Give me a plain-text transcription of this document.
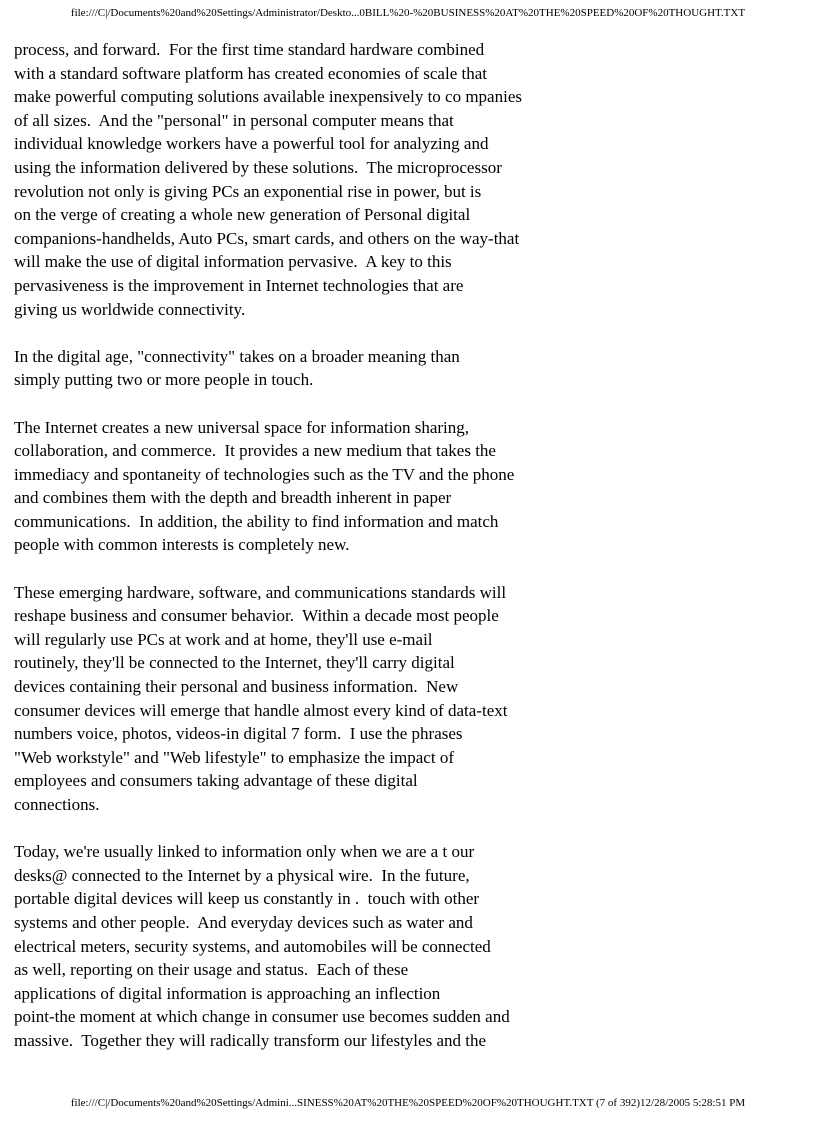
file:///C|/Documents%20and%20Settings/Administrator/Deskto...0BILL%20-%20BUSINESS%20AT%20THE%20SPEED%20OF%20THOUGHT.TXT
process, and forward.  For the first time standard hardware combined
with a standard software platform has created economies of scale that
make powerful computing solutions available inexpensively to co mpanies
of all sizes.  And the "personal" in personal computer means that
individual knowledge workers have a powerful tool for analyzing and
using the information delivered by these solutions.  The microprocessor
revolution not only is giving PCs an exponential rise in power, but is
on the verge of creating a whole new generation of Personal digital
companions-handhelds, Auto PCs, smart cards, and others on the way-that
will make the use of digital information pervasive.  A key to this
pervasiveness is the improvement in Internet technologies that are
giving us worldwide connectivity.
In the digital age, "connectivity" takes on a broader meaning than
simply putting two or more people in touch.
The Internet creates a new universal space for information sharing,
collaboration, and commerce.  It provides a new medium that takes the
immediacy and spontaneity of technologies such as the TV and the phone
and combines them with the depth and breadth inherent in paper
communications.  In addition, the ability to find information and match
people with common interests is completely new.
These emerging hardware, software, and communications standards will
reshape business and consumer behavior.  Within a decade most people
will regularly use PCs at work and at home, they'll use e-mail
routinely, they'll be connected to the Internet, they'll carry digital
devices containing their personal and business information.  New
consumer devices will emerge that handle almost every kind of data-text
numbers voice, photos, videos-in digital 7 form.  I use the phrases
"Web workstyle" and "Web lifestyle" to emphasize the impact of
employees and consumers taking advantage of these digital
connections.
Today, we're usually linked to information only when we are a t our
desks@ connected to the Internet by a physical wire.  In the future,
portable digital devices will keep us constantly in .  touch with other
systems and other people.  And everyday devices such as water and
electrical meters, security systems, and automobiles will be connected
as well, reporting on their usage and status.  Each of these
applications of digital information is approaching an inflection
point-the moment at which change in consumer use becomes sudden and
massive.  Together they will radically transform our lifestyles and the
file:///C|/Documents%20and%20Settings/Admini...SINESS%20AT%20THE%20SPEED%20OF%20THOUGHT.TXT (7 of 392)12/28/2005 5:28:51 PM
